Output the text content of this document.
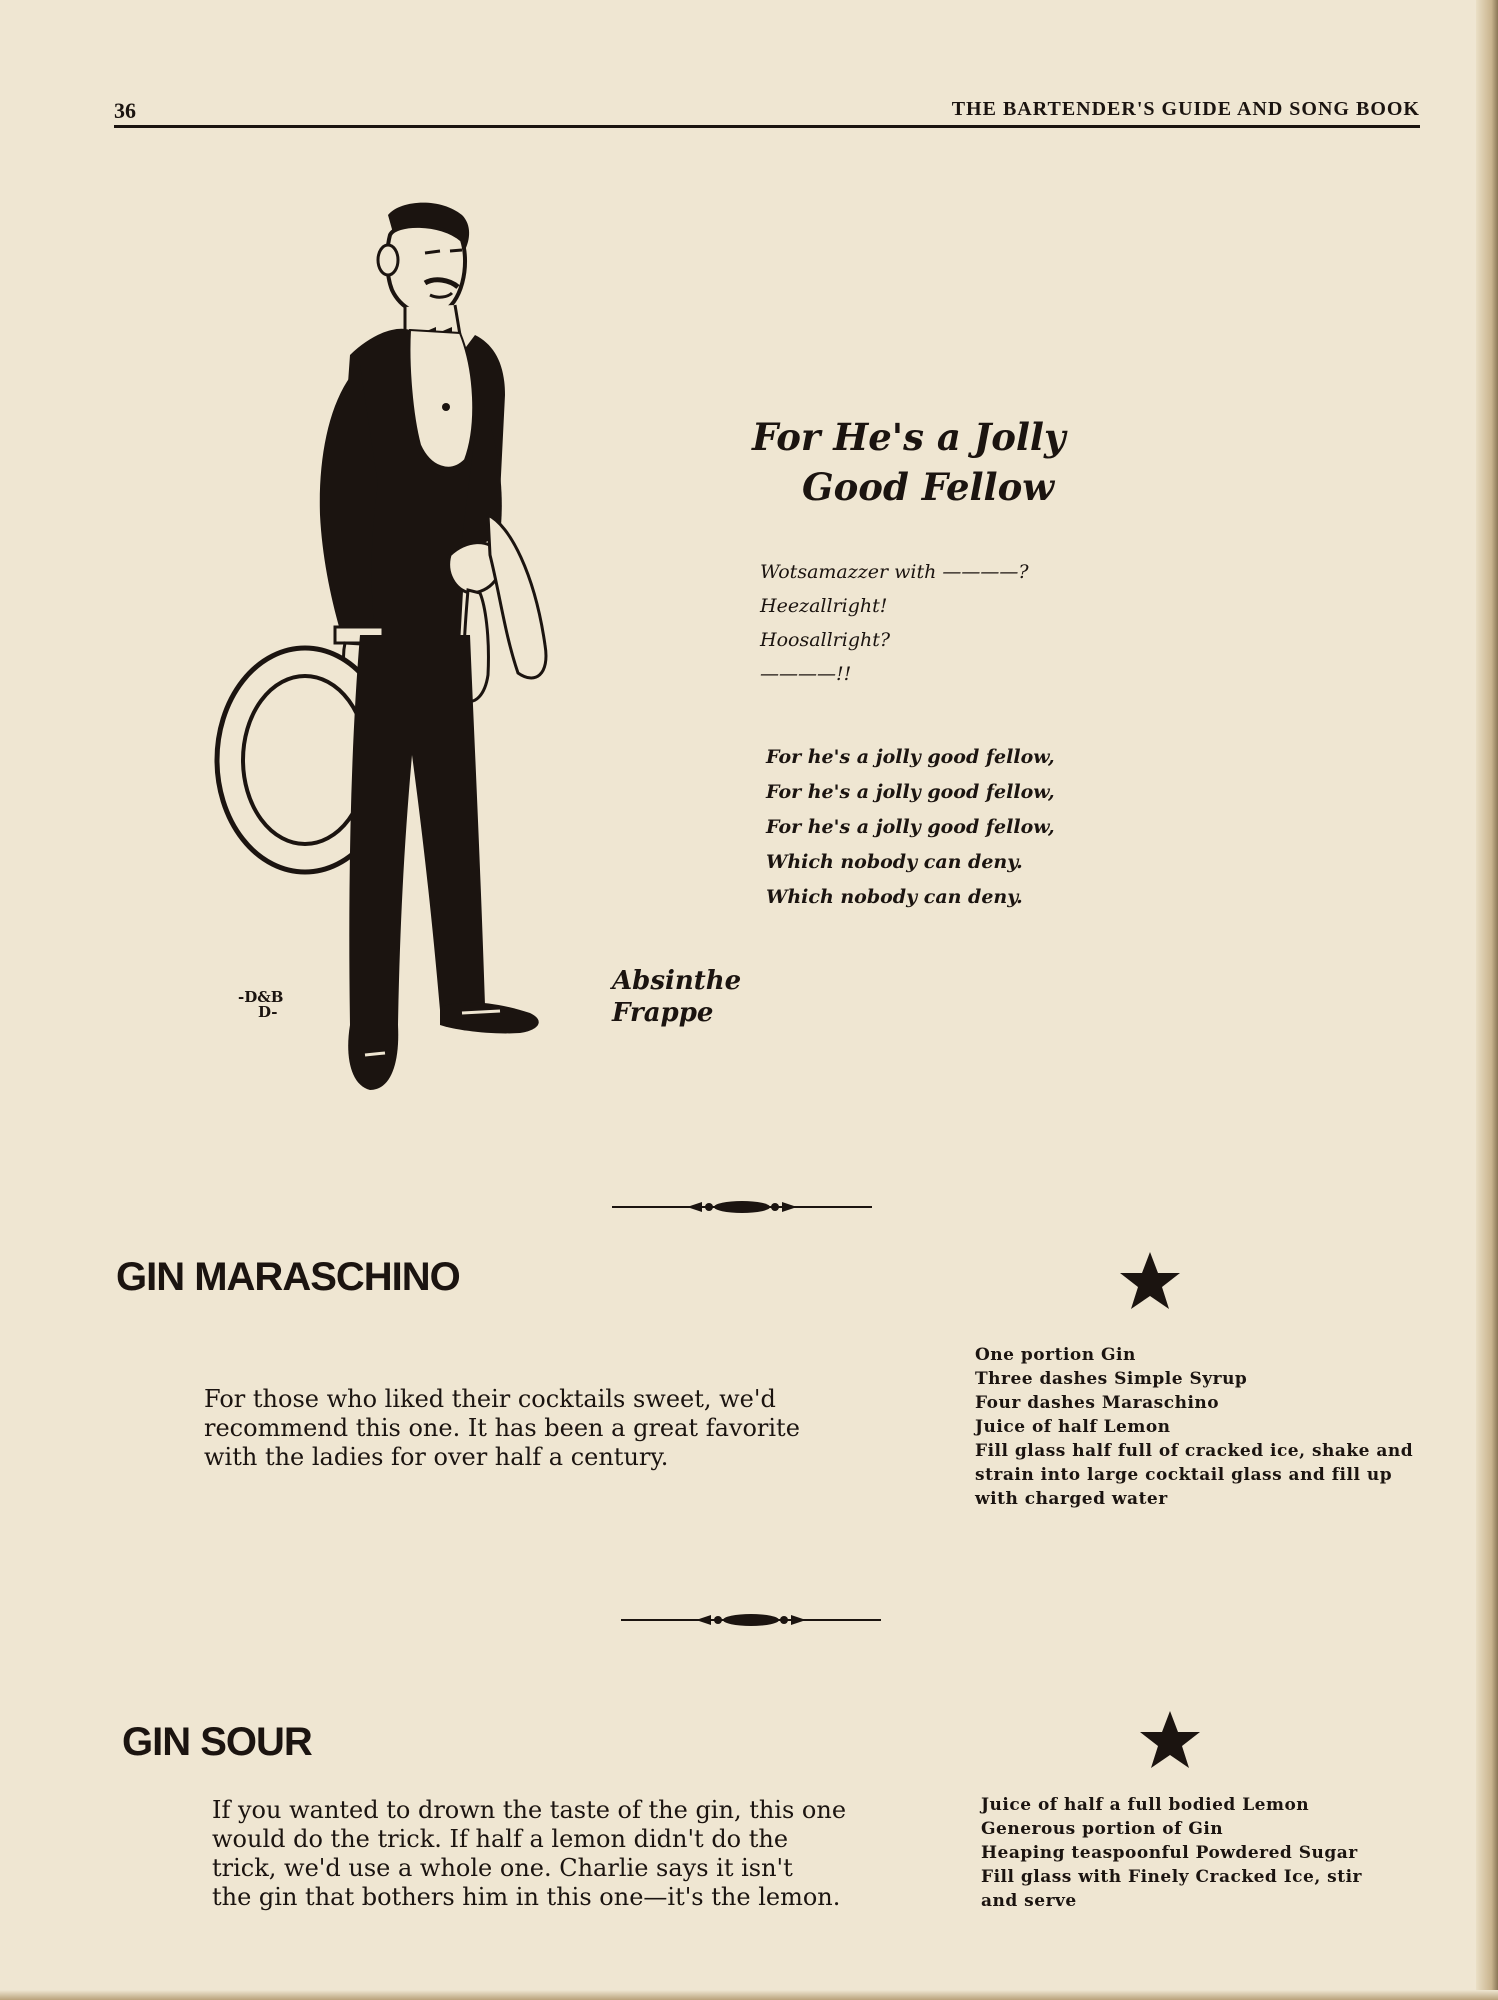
36	THE BARTENDER'S GUIDE AND SONG BOOK
-D&B
D-
Absinthe
Frappe
For He's a Jolly
Good Fellow
Wotsamazzer with ————?
Heezallright!
Hoosallright?
————!!
For he's a jolly good fellow,
For he's a jolly good fellow,
For he's a jolly good fellow,
Which nobody can deny.
Which nobody can deny.
GIN MARASCHINO
For those who liked their cocktails sweet, we'd
recommend this one. It has been a great favorite
with the ladies for over half a century.
One portion Gin
Three dashes Simple Syrup
Four dashes Maraschino
Juice of half Lemon
Fill glass half full of cracked ice, shake and
strain into large cocktail glass and fill up
with charged water
GIN SOUR
If you wanted to drown the taste of the gin, this one
would do the trick. If half a lemon didn't do the
trick, we'd use a whole one. Charlie says it isn't
the gin that bothers him in this one—it's the lemon.
Juice of half a full bodied Lemon
Generous portion of Gin
Heaping teaspoonful Powdered Sugar
Fill glass with Finely Cracked Ice, stir
and serve
